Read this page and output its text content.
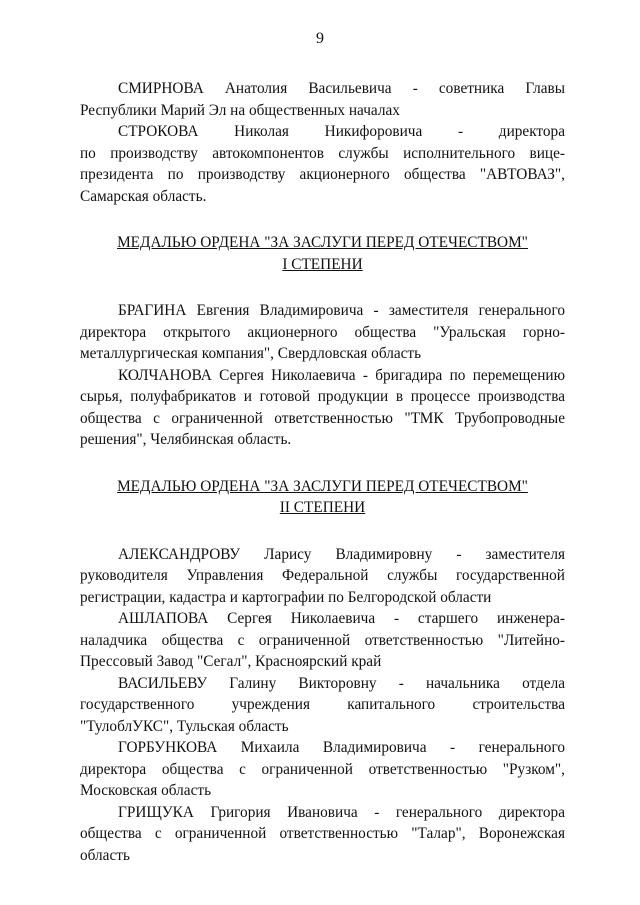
9
СМИРНОВА Анатолия Васильевича - советника Главы
Республики Марий Эл на общественных началах
СТРОКОВА Николая Никифоровича - директора
по производству автокомпонентов службы исполнительного вице-
президента по производству акционерного общества "АВТОВАЗ",
Самарская область.
МЕДАЛЬЮ ОРДЕНА "ЗА ЗАСЛУГИ ПЕРЕД ОТЕЧЕСТВОМ"
I СТЕПЕНИ
БРАГИНА Евгения Владимировича - заместителя генерального
директора открытого акционерного общества "Уральская горно-
металлургическая компания", Свердловская область
КОЛЧАНОВА Сергея Николаевича - бригадира по перемещению
сырья, полуфабрикатов и готовой продукции в процессе производства
общества с ограниченной ответственностью "ТМК Трубопроводные
решения", Челябинская область.
МЕДАЛЬЮ ОРДЕНА "ЗА ЗАСЛУГИ ПЕРЕД ОТЕЧЕСТВОМ"
II СТЕПЕНИ
АЛЕКСАНДРОВУ Ларису Владимировну - заместителя
руководителя Управления Федеральной службы государственной
регистрации, кадастра и картографии по Белгородской области
АШЛАПОВА Сергея Николаевича - старшего инженера-
наладчика общества с ограниченной ответственностью "Литейно-
Прессовый Завод "Сегал", Красноярский край
ВАСИЛЬЕВУ Галину Викторовну - начальника отдела
государственного учреждения капитального строительства
"ТулоблУКС", Тульская область
ГОРБУНКОВА Михаила Владимировича - генерального
директора общества с ограниченной ответственностью "Рузком",
Московская область
ГРИЩУКА Григория Ивановича - генерального директора
общества с ограниченной ответственностью "Талар", Воронежская
область
